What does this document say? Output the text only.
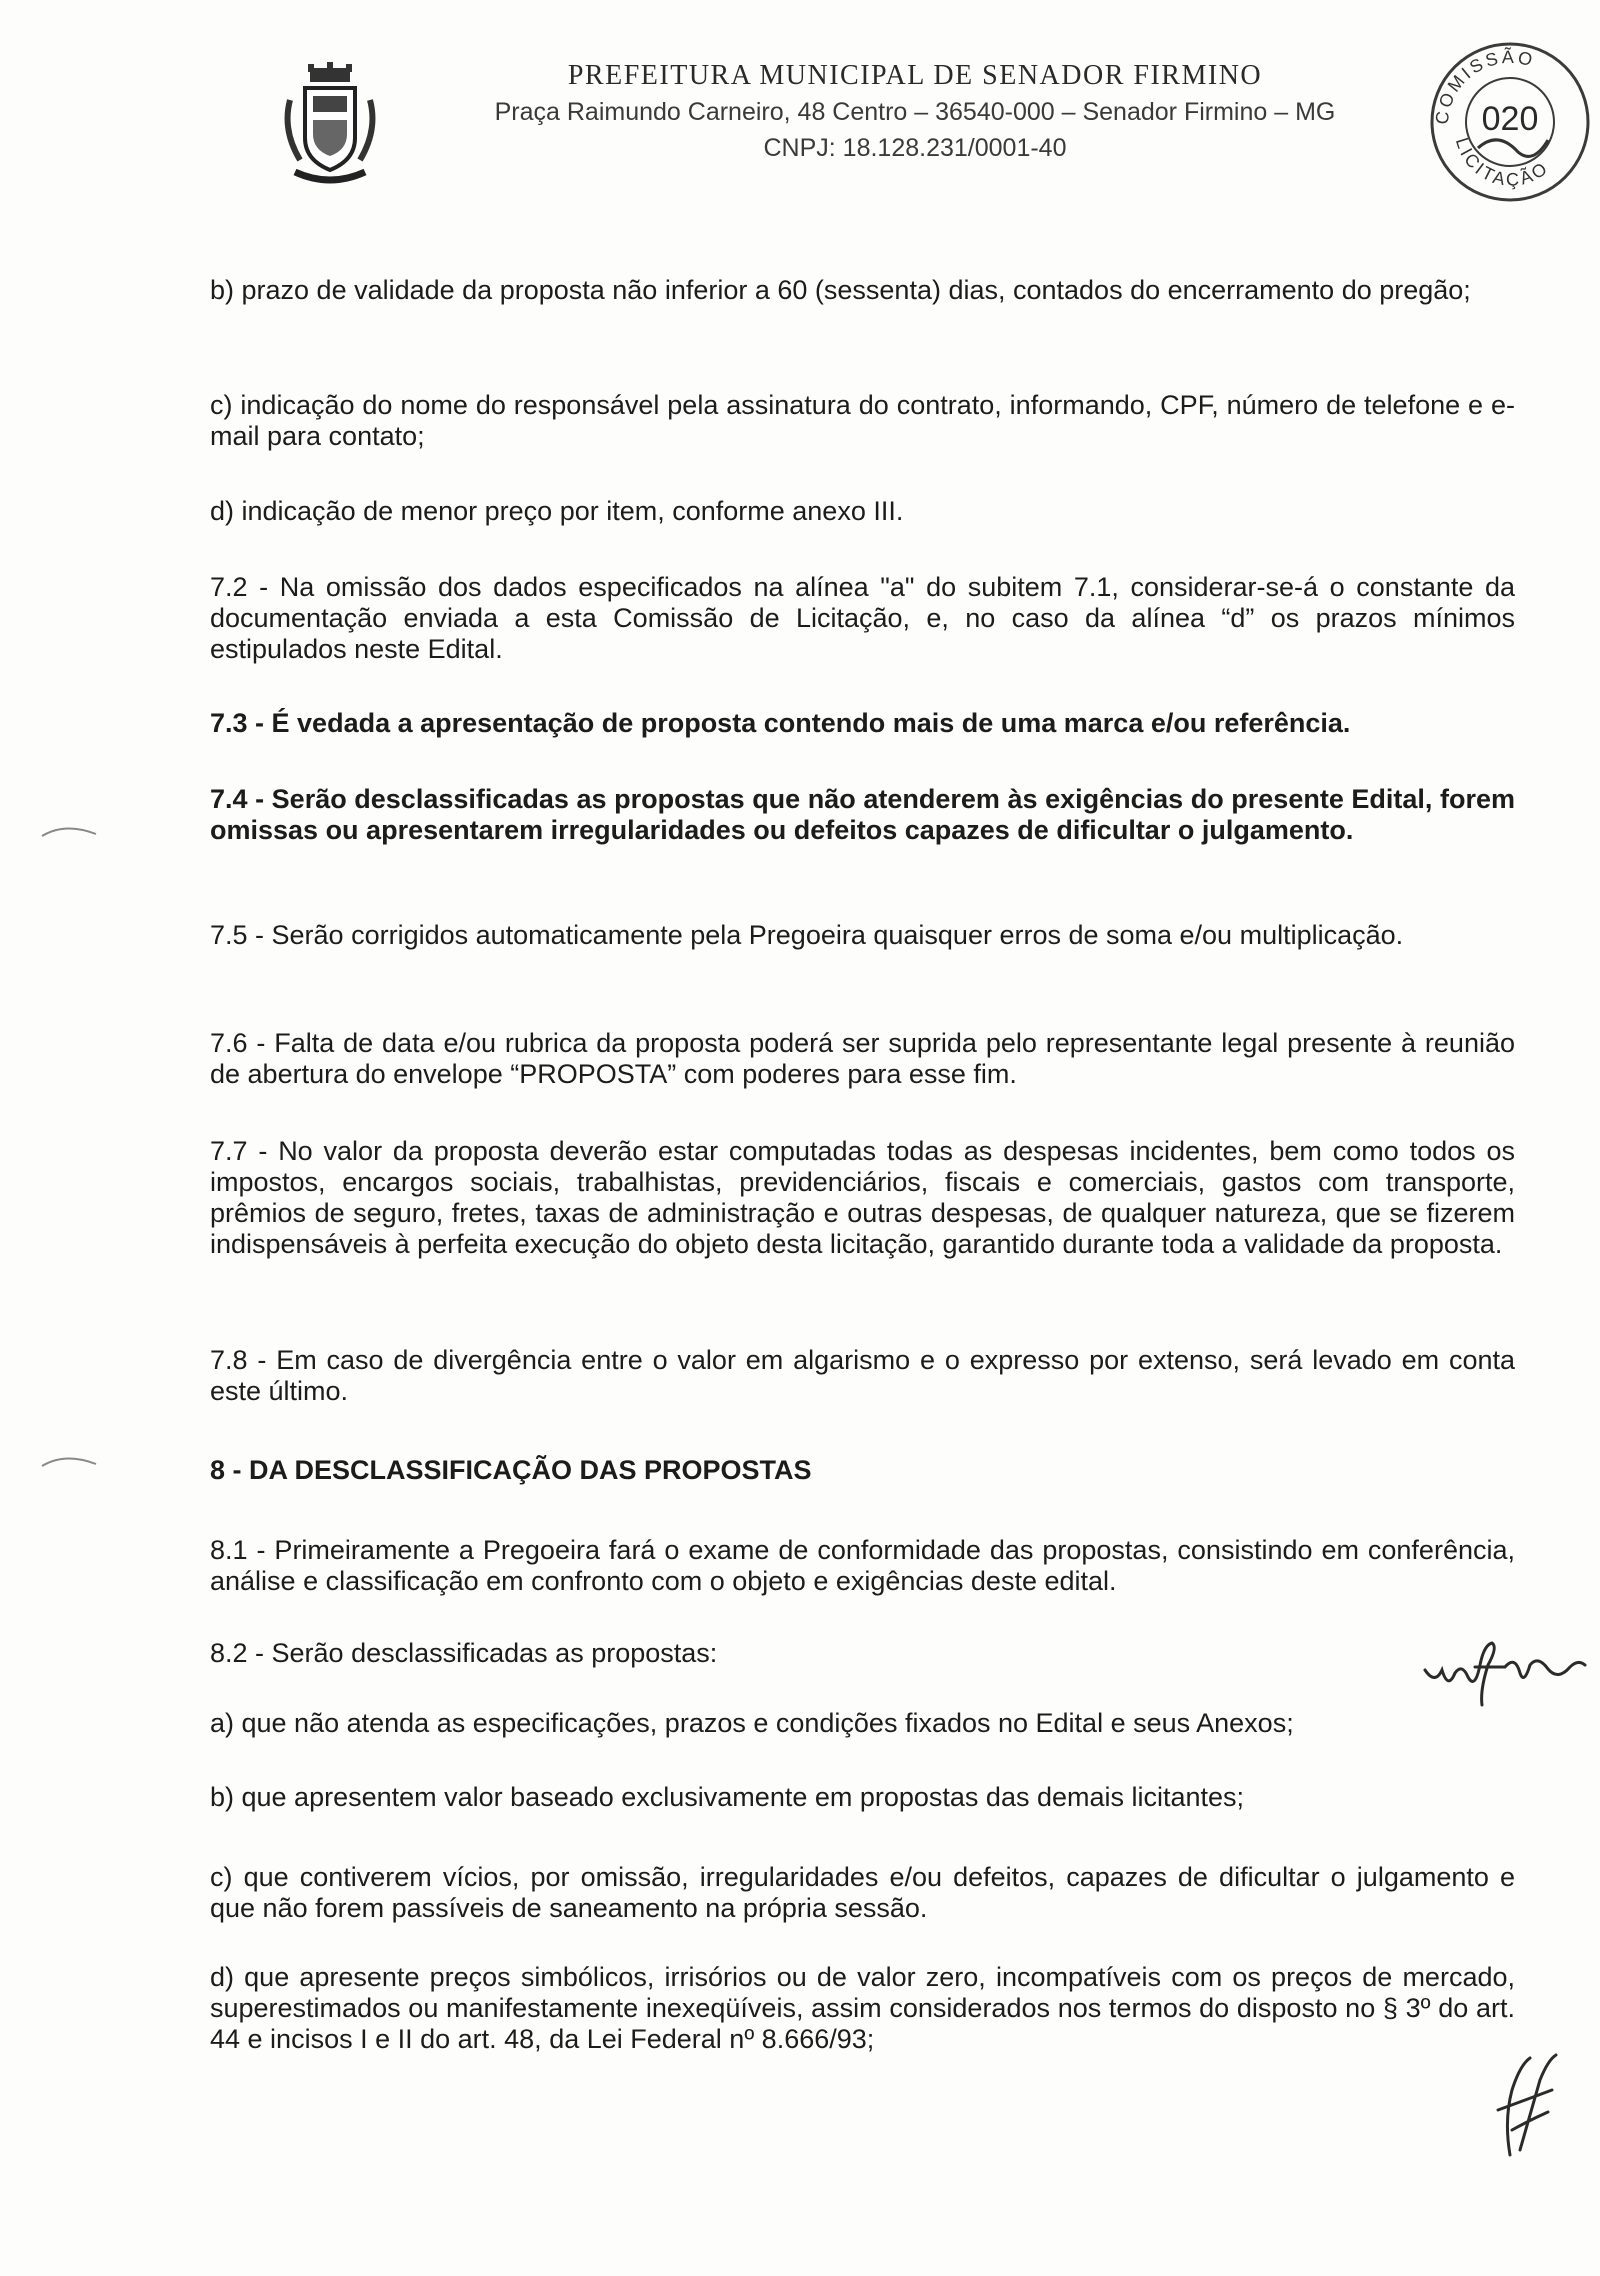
PREFEITURA MUNICIPAL DE SENADOR FIRMINO

Praça Raimundo Carneiro, 48 Centro – 36540-000 – Senador Firmino – MG

CNPJ: 18.128.231/0001-40

COMISSÃO
LICITAÇÃO
020

b) prazo de validade da proposta não inferior a 60 (sessenta) dias, contados do encerramento do pregão;

c) indicação do nome do responsável pela assinatura do contrato, informando, CPF, número de telefone e e-mail para contato;

d) indicação de menor preço por item, conforme anexo III.

7.2 - Na omissão dos dados especificados na alínea "a" do subitem 7.1, considerar-se-á o constante da documentação enviada a esta Comissão de Licitação, e, no caso da alínea “d” os prazos mínimos estipulados neste Edital.

7.3 - É vedada a apresentação de proposta contendo mais de uma marca e/ou referência.

7.4 - Serão desclassificadas as propostas que não atenderem às exigências do presente Edital, forem omissas ou apresentarem irregularidades ou defeitos capazes de dificultar o julgamento.

7.5 - Serão corrigidos automaticamente pela Pregoeira quaisquer erros de soma e/ou multiplicação.

7.6 - Falta de data e/ou rubrica da proposta poderá ser suprida pelo representante legal presente à reunião de abertura do envelope “PROPOSTA” com poderes para esse fim.

7.7 - No valor da proposta deverão estar computadas todas as despesas incidentes, bem como todos os impostos, encargos sociais, trabalhistas, previdenciários, fiscais e comerciais, gastos com transporte, prêmios de seguro, fretes, taxas de administração e outras despesas, de qualquer natureza, que se fizerem indispensáveis à perfeita execução do objeto desta licitação, garantido durante toda a validade da proposta.

7.8 - Em caso de divergência entre o valor em algarismo e o expresso por extenso, será levado em conta este último.

8 - DA DESCLASSIFICAÇÃO DAS PROPOSTAS

8.1 - Primeiramente a Pregoeira fará o exame de conformidade das propostas, consistindo em conferência, análise e classificação em confronto com o objeto e exigências deste edital.

8.2 - Serão desclassificadas as propostas:

a) que não atenda as especificações, prazos e condições fixados no Edital e seus Anexos;

b) que apresentem valor baseado exclusivamente em propostas das demais licitantes;

c) que contiverem vícios, por omissão, irregularidades e/ou defeitos, capazes de dificultar o julgamento e que não forem passíveis de saneamento na própria sessão.

d) que apresente preços simbólicos, irrisórios ou de valor zero, incompatíveis com os preços de mercado, superestimados ou manifestamente inexeqüíveis, assim considerados nos termos do disposto no § 3º do art. 44 e incisos I e II do art. 48, da Lei Federal nº 8.666/93;
